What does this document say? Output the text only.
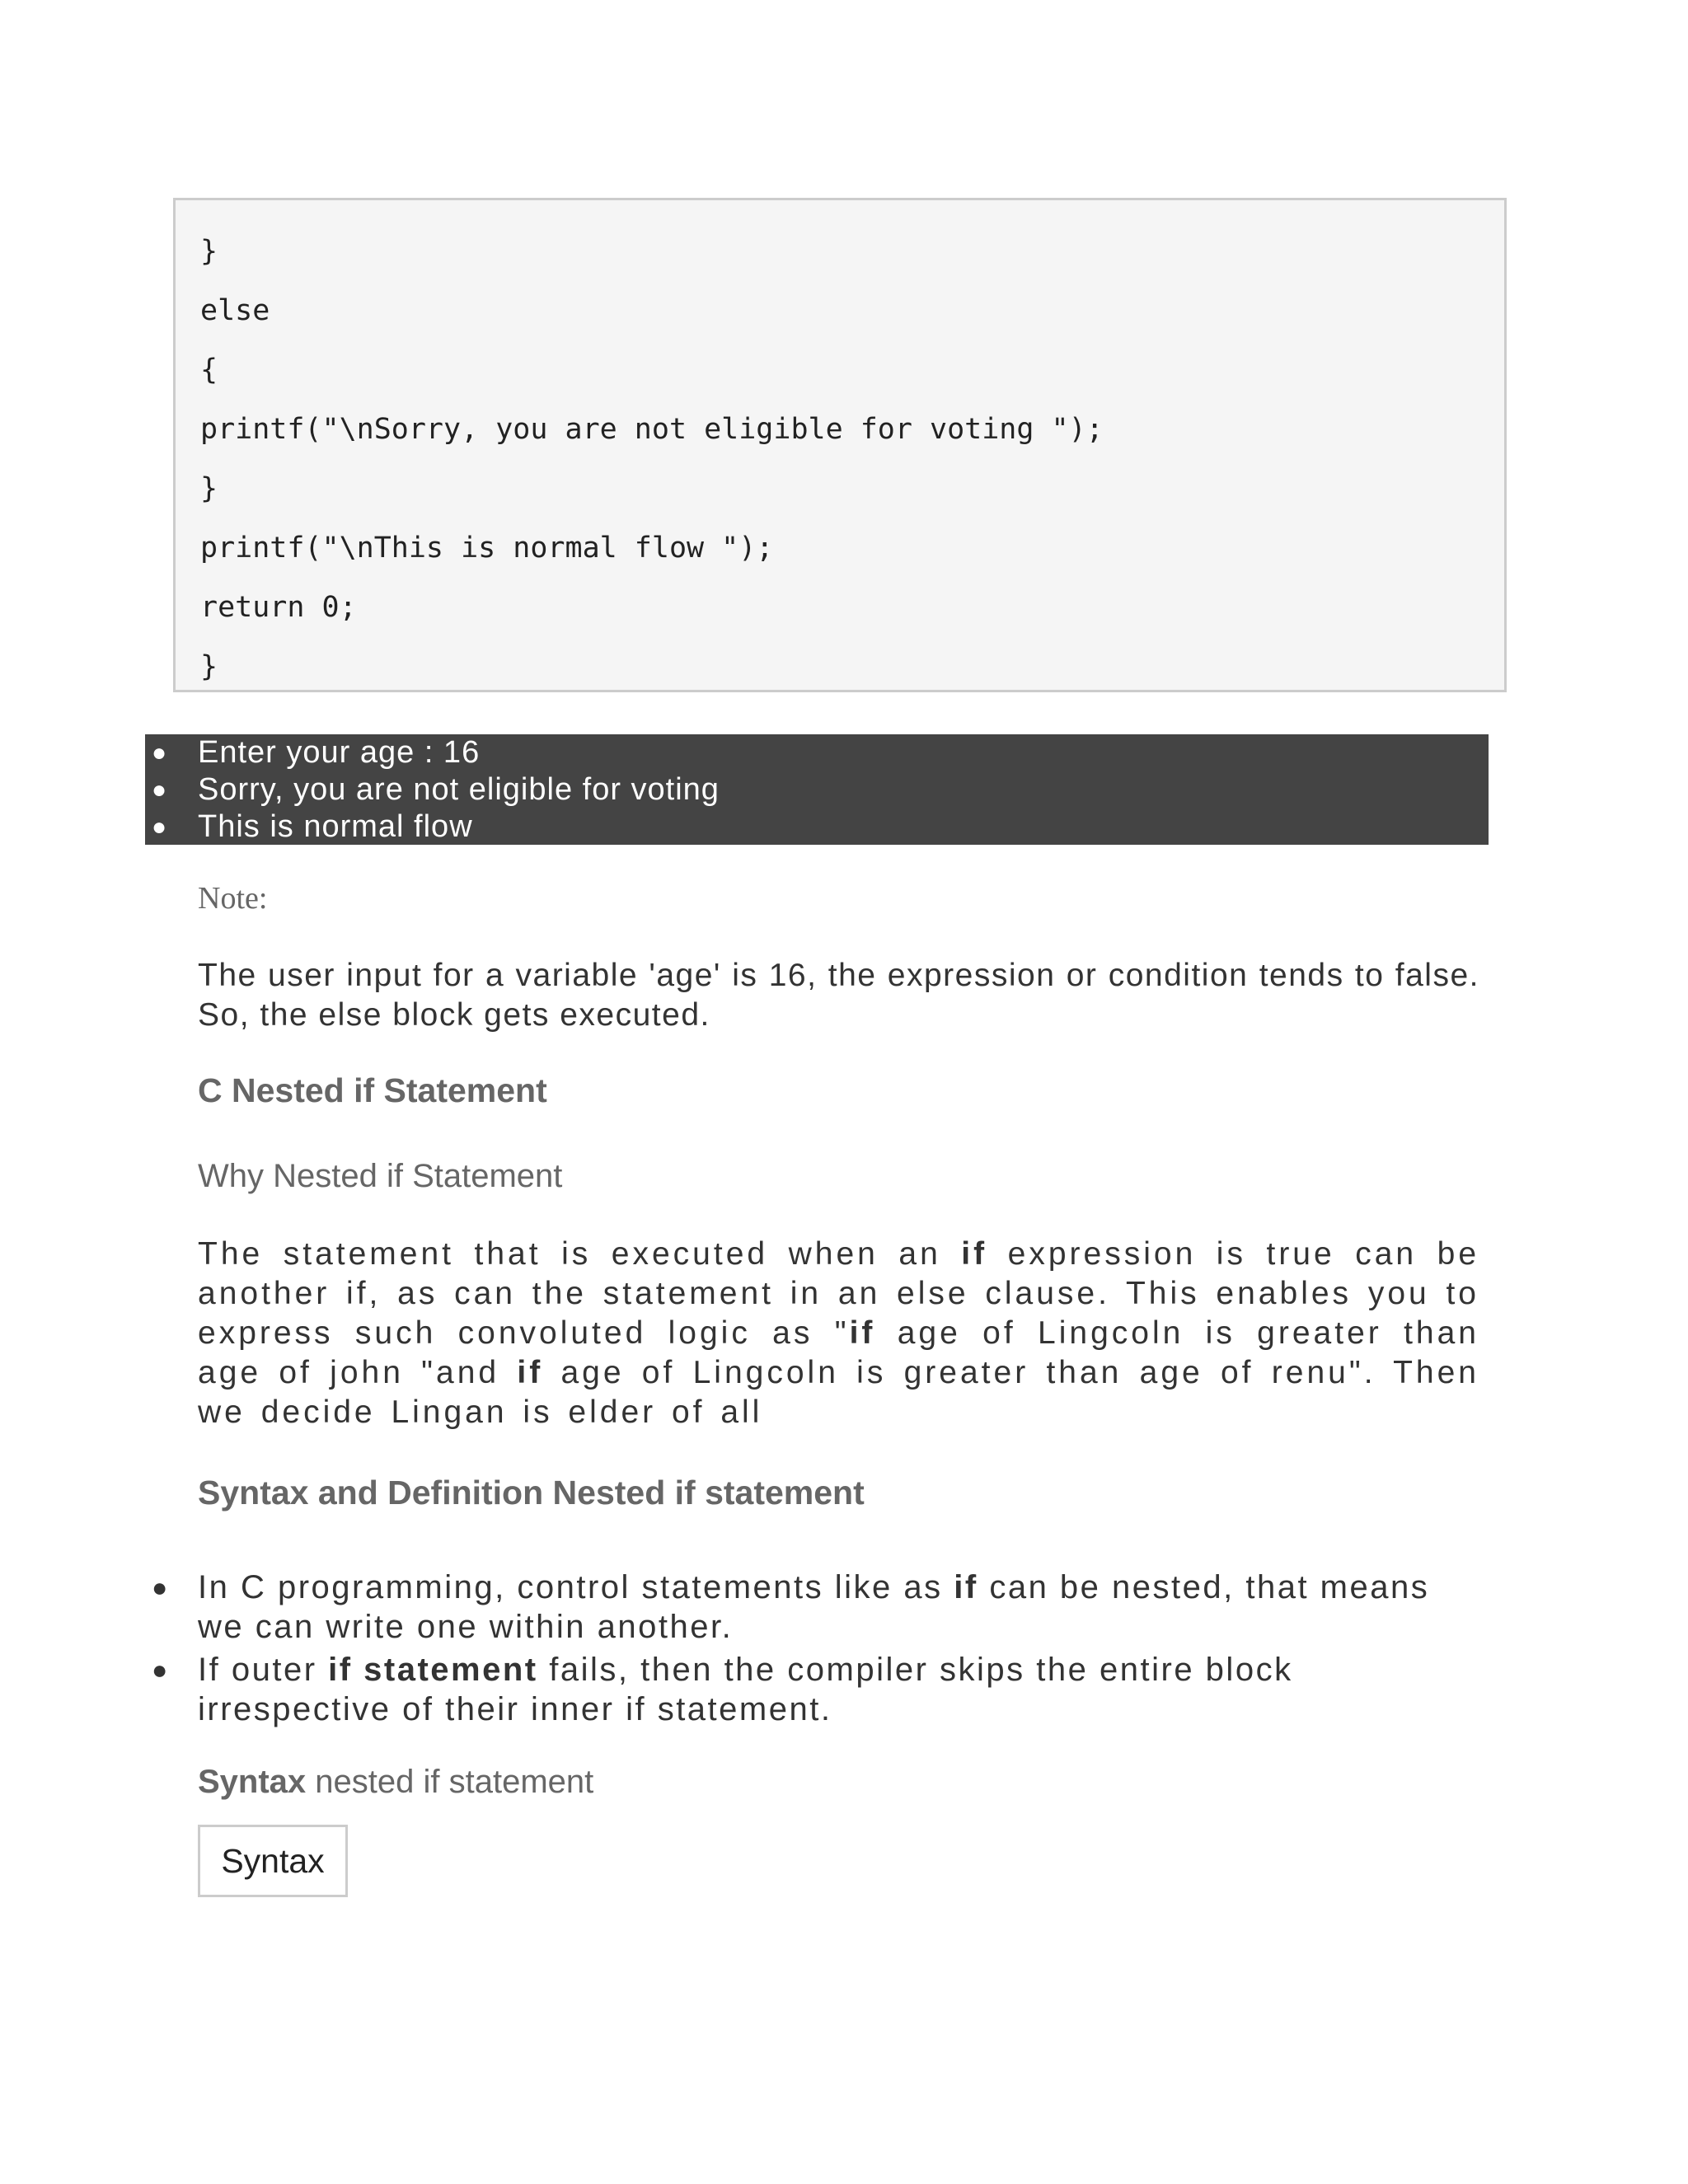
}
else
{
printf("\nSorry, you are not eligible for voting ");
}
printf("\nThis is normal flow ");
return 0;
}
● Enter your age : 16
● Sorry, you are not eligible for voting
● This is normal flow
Note:
The user input for a variable 'age' is 16, the expression or condition tends to false. So, the else block gets executed.
C Nested if Statement
Why Nested if Statement
The statement that is executed when an if expression is true can be another if, as can the statement in an else clause. This enables you to express such convoluted logic as "if age of Lingcoln is greater than age of john "and if age of Lingcoln is greater than age of renu". Then we decide Lingan is elder of all
Syntax and Definition Nested if statement
● In C programming, control statements like as if can be nested, that means we can write one within another.
● If outer if statement fails, then the compiler skips the entire block irrespective of their inner if statement.
Syntax nested if statement
Syntax
